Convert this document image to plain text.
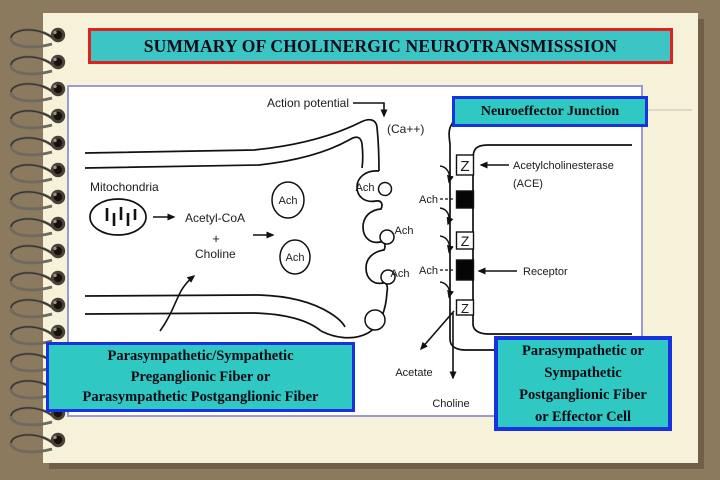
SUMMARY OF CHOLINERGIC NEUROTRANSMISSSION
Z
Z
Z
Action potential
(Ca++)
Mitochondria
Acetyl-CoA
+
Choline
Ach
Ach
Ach
Ach
Ach
Ach
Ach
Acetylcholinesterase
(ACE)
Receptor
Acetate
Choline
Neuroeffector Junction
Parasympathetic/Sympathetic
Preganglionic Fiber or
Parasympathetic Postganglionic Fiber
Parasympathetic or
Sympathetic
Postganglionic Fiber
or Effector Cell
